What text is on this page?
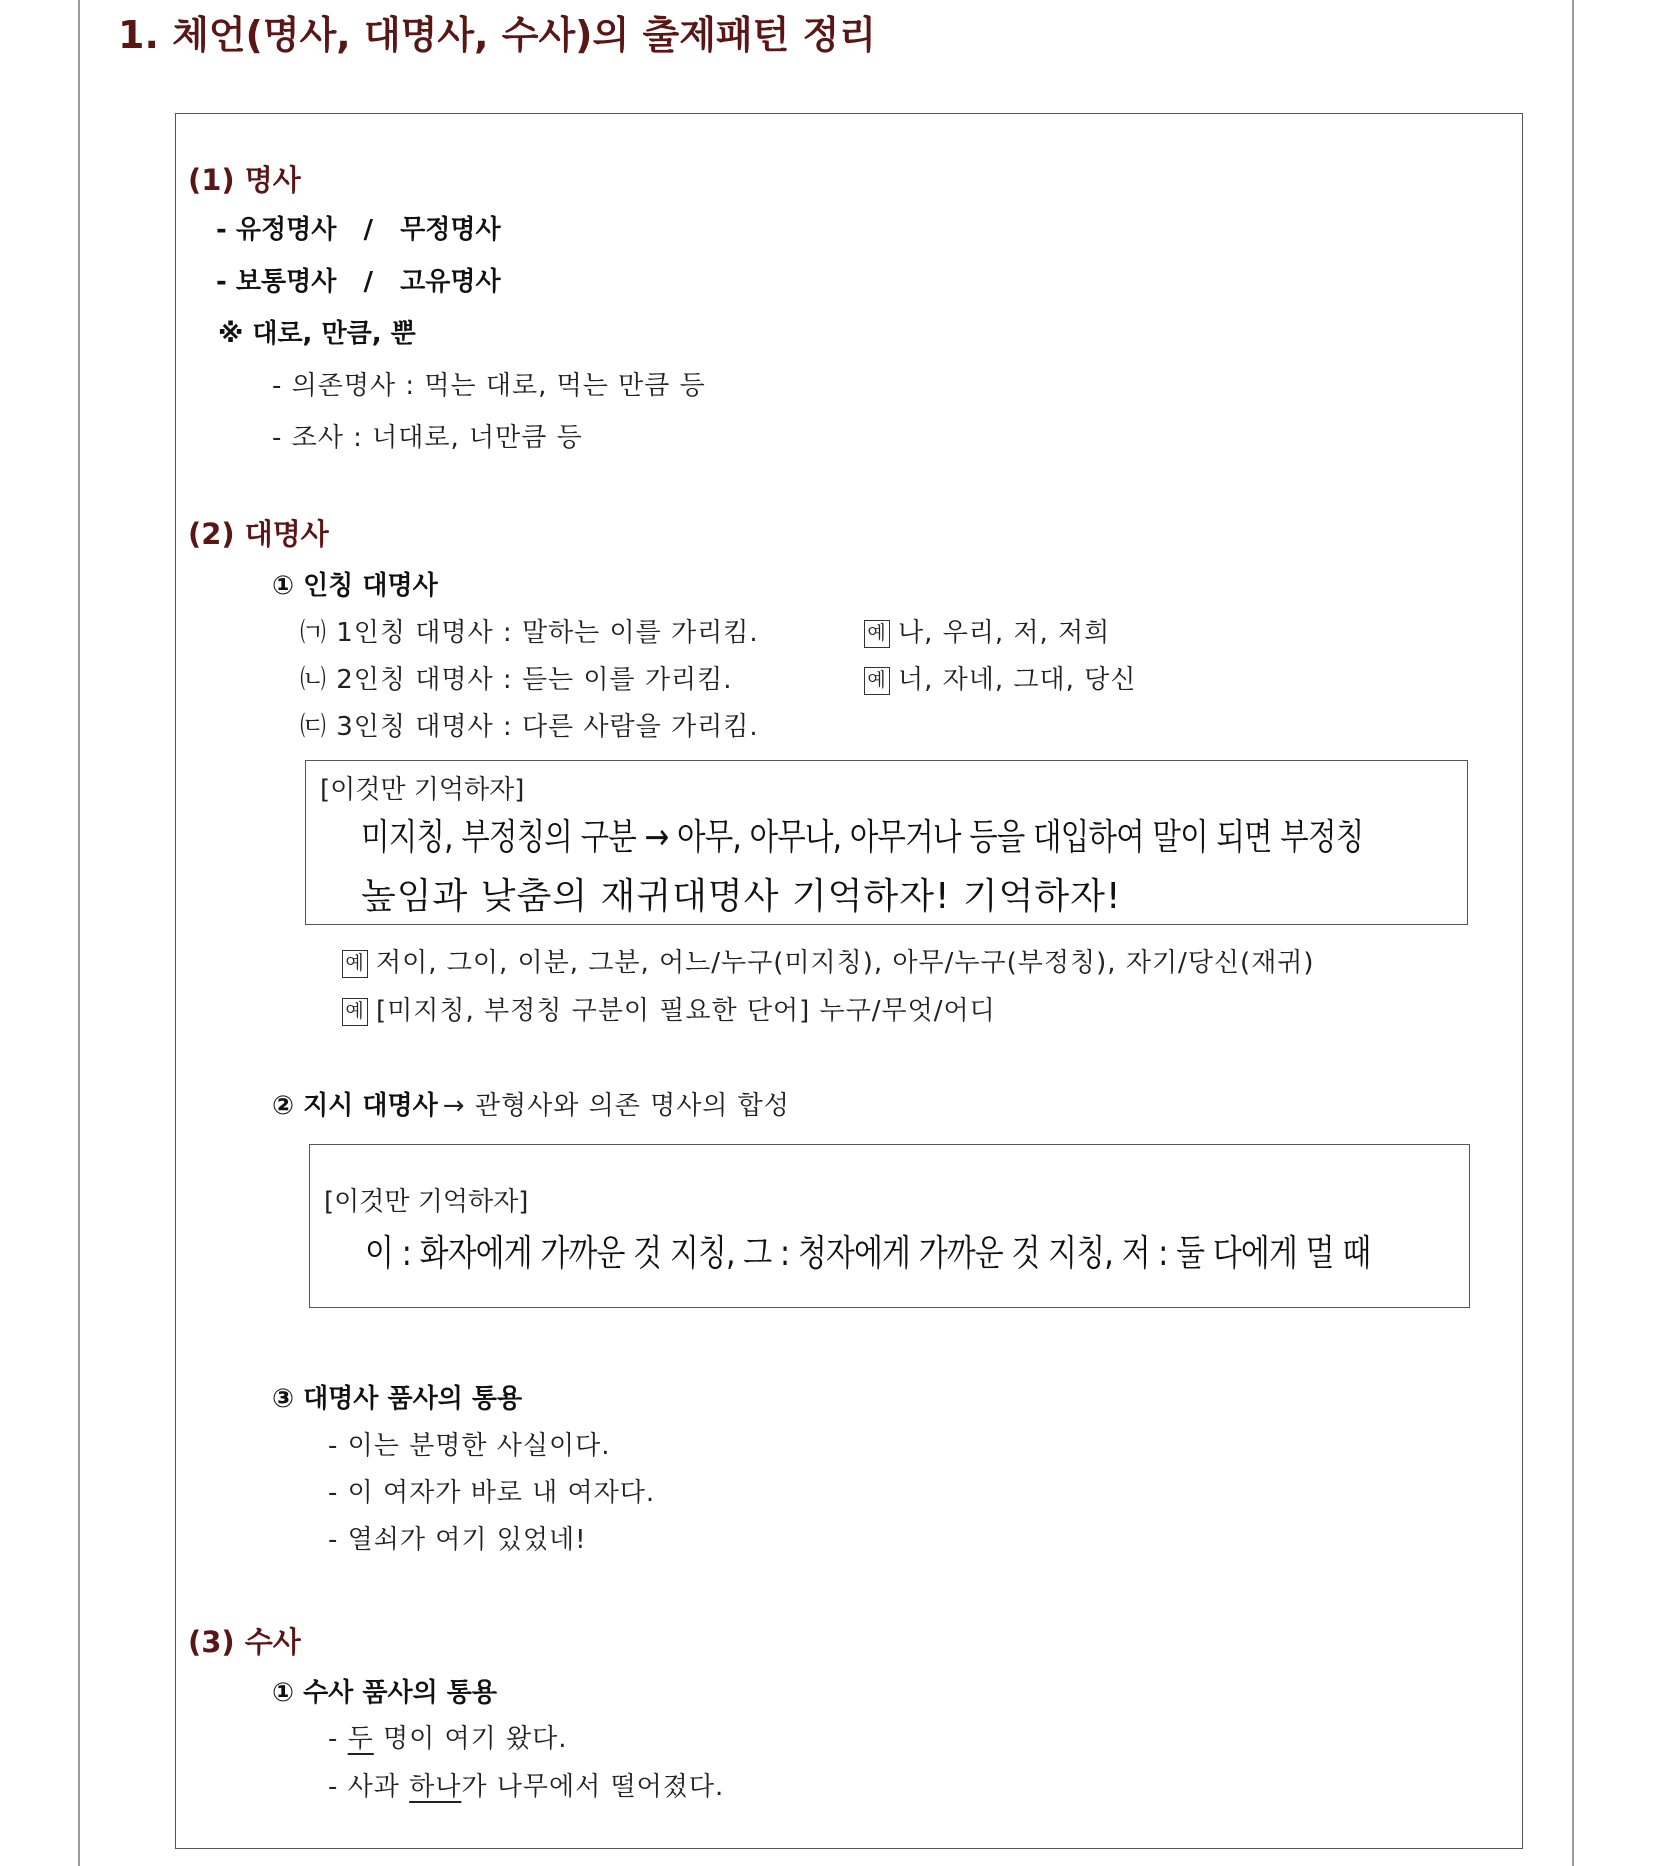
1. 체언(명사, 대명사, 수사)의 출제패턴 정리
(1) 명사
- 유정명사   /   무정명사
- 보통명사   /   고유명사
※ 대로, 만큼, 뿐
- 의존명사 : 먹는 대로, 먹는 만큼 등
- 조사 : 너대로, 너만큼 등
(2) 대명사
① 인칭 대명사
㈀ 1인칭 대명사 : 말하는 이를 가리킴.	예 나, 우리, 저, 저희
㈁ 2인칭 대명사 : 듣는 이를 가리킴.	예 너, 자네, 그대, 당신
㈂ 3인칭 대명사 : 다른 사람을 가리킴.
[이것만 기억하자]
미지칭, 부정칭의 구분 → 아무, 아무나, 아무거나 등을 대입하여 말이 되면 부정칭
높임과 낮춤의 재귀대명사 기억하자! 기억하자!
예 저이, 그이, 이분, 그분, 어느/누구(미지칭), 아무/누구(부정칭), 자기/당신(재귀)
예 [미지칭, 부정칭 구분이 필요한 단어] 누구/무엇/어디
② 지시 대명사 → 관형사와 의존 명사의 합성
[이것만 기억하자]
이 : 화자에게 가까운 것 지칭, 그 : 청자에게 가까운 것 지칭, 저 : 둘 다에게 멀 때
③ 대명사 품사의 통용
- 이는 분명한 사실이다.
- 이 여자가 바로 내 여자다.
- 열쇠가 여기 있었네!
(3) 수사
① 수사 품사의 통용
- 두 명이 여기 왔다.
- 사과 하나가 나무에서 떨어졌다.
